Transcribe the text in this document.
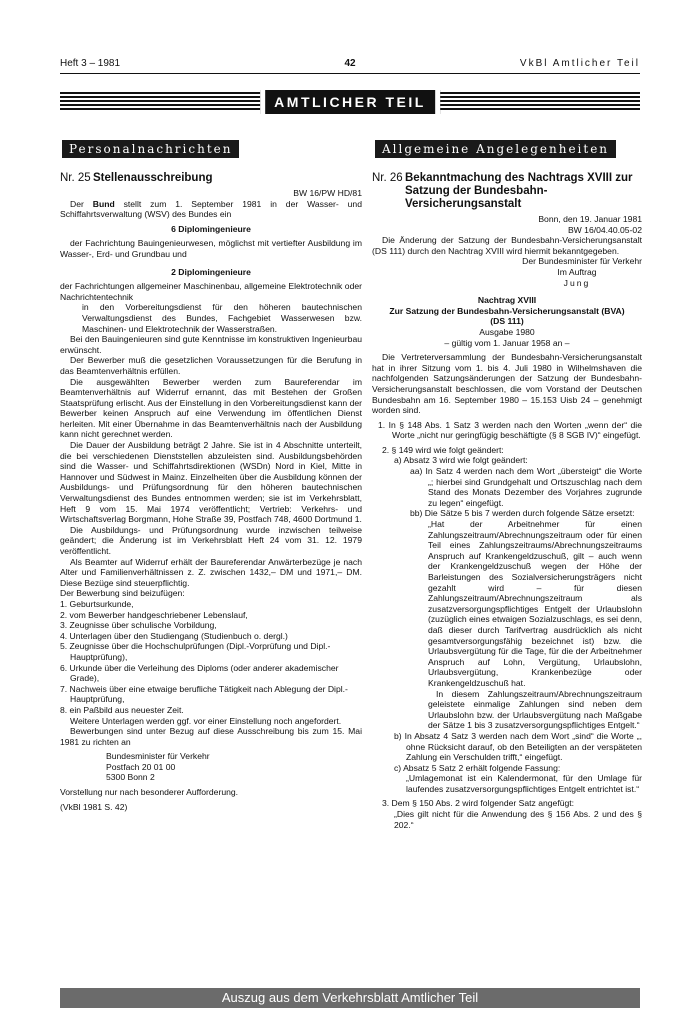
Heft 3 – 1981	42	VkBl Amtlicher Teil
AMTLICHER TEIL
Personalnachrichten	Allgemeine Angelegenheiten
Nr. 25 Stellenausschreibung

BW 16/PW HD/81

Der Bund stellt zum 1. September 1981 in der Wasser- und Schiffahrtsverwaltung (WSV) des Bundes ein

6 Diplomingenieure

der Fachrichtung Bauingenieurwesen, möglichst mit vertiefter Ausbildung im Wasser-, Erd- und Grundbau und

2 Diplomingenieure

der Fachrichtungen allgemeiner Maschinenbau, allgemeine Elektrotechnik oder Nachrichtentechnik

in den Vorbereitungsdienst für den höheren bautechnischen Verwaltungsdienst des Bundes, Fachgebiet Wasserwesen bzw. Maschinen- und Elektrotechnik der Wasserstraßen.

Bei den Bauingenieuren sind gute Kenntnisse im konstruktiven Ingenieurbau erwünscht.

Der Bewerber muß die gesetzlichen Voraussetzungen für die Berufung in das Beamtenverhältnis erfüllen.

Die ausgewählten Bewerber werden zum Baureferendar im Beamtenverhältnis auf Widerruf ernannt, das mit Bestehen der Großen Staatsprüfung erlischt. Aus der Einstellung in den Vorbereitungsdienst kann der Bewerber keinen Anspruch auf eine Verwendung im öffentlichen Dienst herleiten. Mit einer Übernahme in das Beamtenverhältnis nach der Ausbildung kann nicht gerechnet werden.

Die Dauer der Ausbildung beträgt 2 Jahre. Sie ist in 4 Abschnitte unterteilt, die bei verschiedenen Dienststellen abzuleisten sind. Ausbildungsbehörden sind die Wasser- und Schiffahrtsdirektionen (WSDn) Nord in Kiel, Mitte in Hannover und Südwest in Mainz. Einzelheiten über die Ausbildung können der Ausbildungs- und Prüfungsordnung für den höheren bautechnischen Verwaltungsdienst des Bundes entnommen werden; sie ist im Verkehrsblatt, Heft 9 vom 15. Mai 1974 veröffentlicht; Vertrieb: Verkehrs- und Wirtschaftsverlag Borgmann, Hohe Straße 39, Postfach 748, 4600 Dortmund 1.

Die Ausbildungs- und Prüfungsordnung wurde inzwischen teilweise geändert; die Änderung ist im Verkehrsblatt Heft 24 vom 31. 12. 1979 veröffentlicht.

Als Beamter auf Widerruf erhält der Baureferendar Anwärterbezüge je nach Alter und Familienverhältnissen z. Z. zwischen 1432,– DM und 1971,– DM. Diese Bezüge sind steuerpflichtig.

Der Bewerbung sind beizufügen:

1. Geburtsurkunde,
2. vom Bewerber handgeschriebener Lebenslauf,
3. Zeugnisse über schulische Vorbildung,
4. Unterlagen über den Studiengang (Studienbuch o. dergl.)
5. Zeugnisse über die Hochschulprüfungen (Dipl.-Vorprüfung und Dipl.-Hauptprüfung),
6. Urkunde über die Verleihung des Diploms (oder anderer akademischer Grade),
7. Nachweis über eine etwaige berufliche Tätigkeit nach Ablegung der Dipl.-Hauptprüfung,
8. ein Paßbild aus neuester Zeit.

Weitere Unterlagen werden ggf. vor einer Einstellung noch angefordert.

Bewerbungen sind unter Bezug auf diese Ausschreibung bis zum 15. Mai 1981 zu richten an

Bundesminister für Verkehr

Postfach 20 01 00

5300 Bonn 2

Vorstellung nur nach besonderer Aufforderung.

(VkBl 1981 S. 42)

Nr. 26 Bekanntmachung des Nachtrags XVIII zur Satzung der Bundesbahn-Versicherungsanstalt

Bonn, den 19. Januar 1981

BW 16/04.40.05-02

Die Änderung der Satzung der Bundesbahn-Versicherungsanstalt (DS 111) durch den Nachtrag XVIII wird hiermit bekanntgegeben.

Der Bundesminister für Verkehr

Im Auftrag

Jung

Nachtrag XVIII

Zur Satzung der Bundesbahn-Versicherungsanstalt (BVA)

(DS 111)

Ausgabe 1980

– gültig vom 1. Januar 1958 an –

Die Vertreterversammlung der Bundesbahn-Versicherungsanstalt hat in ihrer Sitzung vom 1. bis 4. Juli 1980 in Wilhelmshaven die nachfolgenden Satzungsänderungen der Satzung der Bundesbahn-Versicherungsanstalt beschlossen, die vom Vorstand der Deutschen Bundesbahn am 16. September 1980 – 15.153 Uisb 24 – genehmigt worden sind.

1. In § 148 Abs. 1 Satz 3 werden nach den Worten „wenn der“ die Worte „nicht nur geringfügig beschäftigte (§ 8 SGB IV)“ eingefügt.

2. § 149 wird wie folgt geändert:

a) Absatz 3 wird wie folgt geändert:

aa) In Satz 4 werden nach dem Wort „übersteigt“ die Worte „; hierbei sind Grundgehalt und Ortszuschlag nach dem Stand des Monats Dezember des Vorjahres zugrunde zu legen“ eingefügt.

bb) Die Sätze 5 bis 7 werden durch folgende Sätze ersetzt:

„Hat der Arbeitnehmer für einen Zahlungszeitraum/Abrechnungszeitraum oder für einen Teil eines Zahlungszeitraums/Abrechnungszeitraums Anspruch auf Krankengeldzuschuß, gilt – auch wenn der Krankengeldzuschuß wegen der Höhe der Barleistungen des Sozialversicherungsträgers nicht gezahlt wird – für diesen Zahlungszeitraum/Abrechnungszeitraum als zusatzversorgungspflichtiges Entgelt der Urlaubslohn (zuzüglich eines etwaigen Sozialzuschlags, es sei denn, daß dieser durch Tarifvertrag ausdrücklich als nicht gesamtversorgungsfähig bezeichnet ist) bzw. die Urlaubsvergütung für die Tage, für die der Arbeitnehmer Anspruch auf Lohn, Vergütung, Urlaubslohn, Urlaubsvergütung, Krankenbezüge oder Krankengeldzuschuß hat.

In diesem Zahlungszeitraum/Abrechnungszeitraum geleistete einmalige Zahlungen sind neben dem Urlaubslohn bzw. der Urlaubsvergütung nach Maßgabe der Sätze 1 bis 3 zusatzversorgungspflichtiges Entgelt.“

b) In Absatz 4 Satz 3 werden nach dem Wort „sind“ die Worte „, ohne Rücksicht darauf, ob den Beteiligten an der verspäteten Zahlung ein Verschulden trifft,“ eingefügt.

c) Absatz 5 Satz 2 erhält folgende Fassung:

„Umlagemonat ist ein Kalendermonat, für den Umlage für laufendes zusatzversorgungspflichtiges Entgelt entrichtet ist.“

3. Dem § 150 Abs. 2 wird folgender Satz angefügt:

„Dies gilt nicht für die Anwendung des § 156 Abs. 2 und des § 202.“

Auszug aus dem Verkehrsblatt Amtlicher Teil
